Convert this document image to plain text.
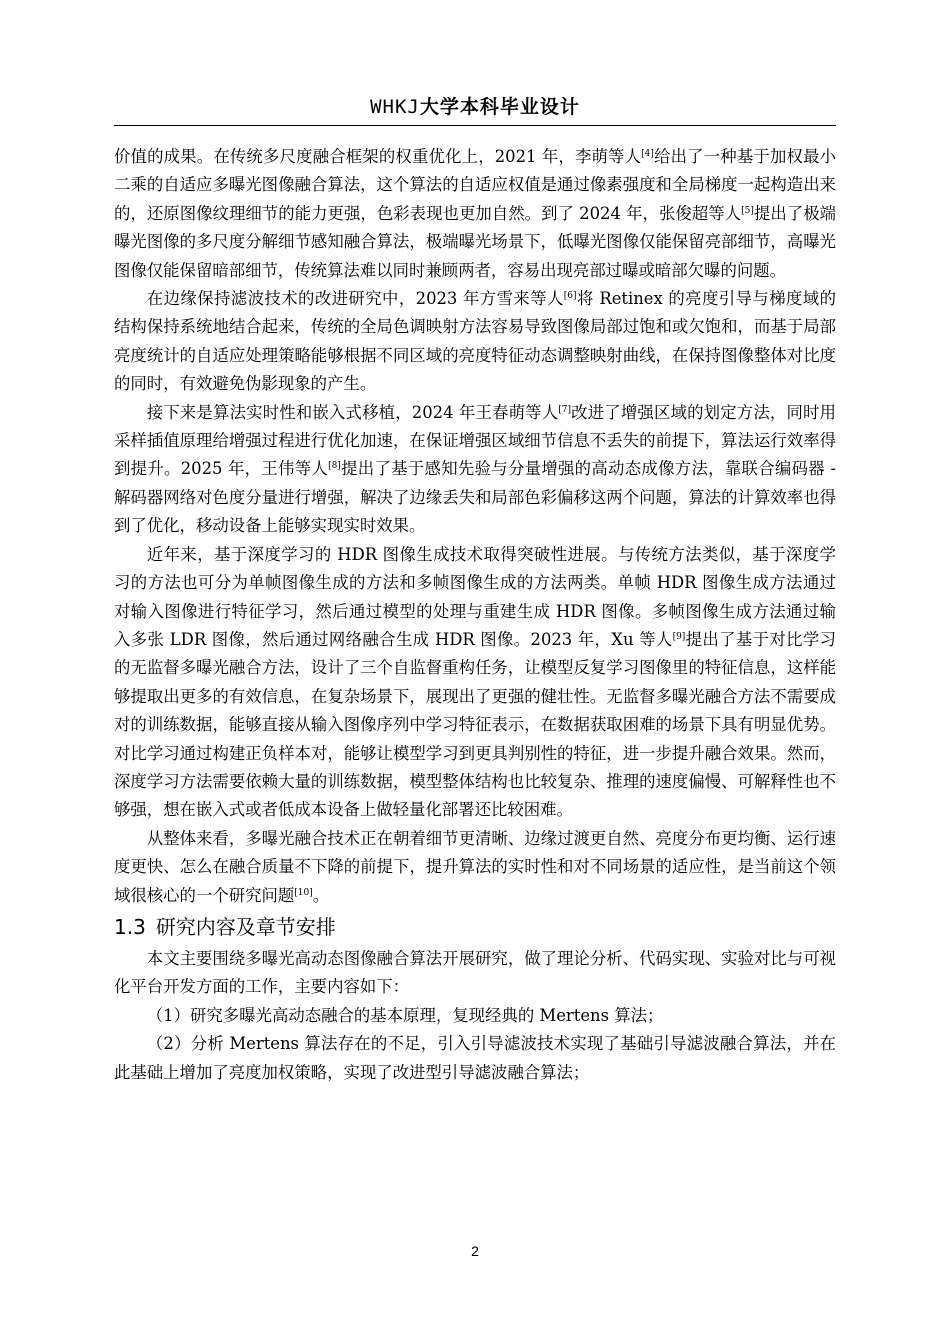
WHKJ大学本科毕业设计

价值的成果。在传统多尺度融合框架的权重优化上，2021 年，李萌等人[4]给出了一种基于加权最小二乘的自适应多曝光图像融合算法，这个算法的自适应权值是通过像素强度和全局梯度一起构造出来的，还原图像纹理细节的能力更强，色彩表现也更加自然。到了 2024 年，张俊超等人[5]提出了极端曝光图像的多尺度分解细节感知融合算法，极端曝光场景下，低曝光图像仅能保留亮部细节，高曝光图像仅能保留暗部细节，传统算法难以同时兼顾两者，容易出现亮部过曝或暗部欠曝的问题。

在边缘保持滤波技术的改进研究中，2023 年方雪来等人[6]将 Retinex 的亮度引导与梯度域的结构保持系统地结合起来，传统的全局色调映射方法容易导致图像局部过饱和或欠饱和，而基于局部亮度统计的自适应处理策略能够根据不同区域的亮度特征动态调整映射曲线，在保持图像整体对比度的同时，有效避免伪影现象的产生。

接下来是算法实时性和嵌入式移植，2024 年王春萌等人[7]改进了增强区域的划定方法，同时用采样插值原理给增强过程进行优化加速，在保证增强区域细节信息不丢失的前提下，算法运行效率得到提升。2025 年，王伟等人[8]提出了基于感知先验与分量增强的高动态成像方法，靠联合编码器 - 解码器网络对色度分量进行增强，解决了边缘丢失和局部色彩偏移这两个问题，算法的计算效率也得到了优化，移动设备上能够实现实时效果。

近年来，基于深度学习的 HDR 图像生成技术取得突破性进展。与传统方法类似，基于深度学习的方法也可分为单帧图像生成的方法和多帧图像生成的方法两类。单帧 HDR 图像生成方法通过对输入图像进行特征学习，然后通过模型的处理与重建生成 HDR 图像。多帧图像生成方法通过输入多张 LDR 图像，然后通过网络融合生成 HDR 图像。2023 年，Xu 等人[9]提出了基于对比学习的无监督多曝光融合方法，设计了三个自监督重构任务，让模型反复学习图像里的特征信息，这样能够提取出更多的有效信息，在复杂场景下，展现出了更强的健壮性。无监督多曝光融合方法不需要成对的训练数据，能够直接从输入图像序列中学习特征表示，在数据获取困难的场景下具有明显优势。对比学习通过构建正负样本对，能够让模型学习到更具判别性的特征，进一步提升融合效果。然而，深度学习方法需要依赖大量的训练数据，模型整体结构也比较复杂、推理的速度偏慢、可解释性也不够强，想在嵌入式或者低成本设备上做轻量化部署还比较困难。

从整体来看，多曝光融合技术正在朝着细节更清晰、边缘过渡更自然、亮度分布更均衡、运行速度更快、怎么在融合质量不下降的前提下，提升算法的实时性和对不同场景的适应性，是当前这个领域很核心的一个研究问题[10]。

1.3 研究内容及章节安排

本文主要围绕多曝光高动态图像融合算法开展研究，做了理论分析、代码实现、实验对比与可视化平台开发方面的工作，主要内容如下：

（1）研究多曝光高动态融合的基本原理，复现经典的 Mertens 算法；

（2）分析 Mertens 算法存在的不足，引入引导滤波技术实现了基础引导滤波融合算法，并在此基础上增加了亮度加权策略，实现了改进型引导滤波融合算法；

2
